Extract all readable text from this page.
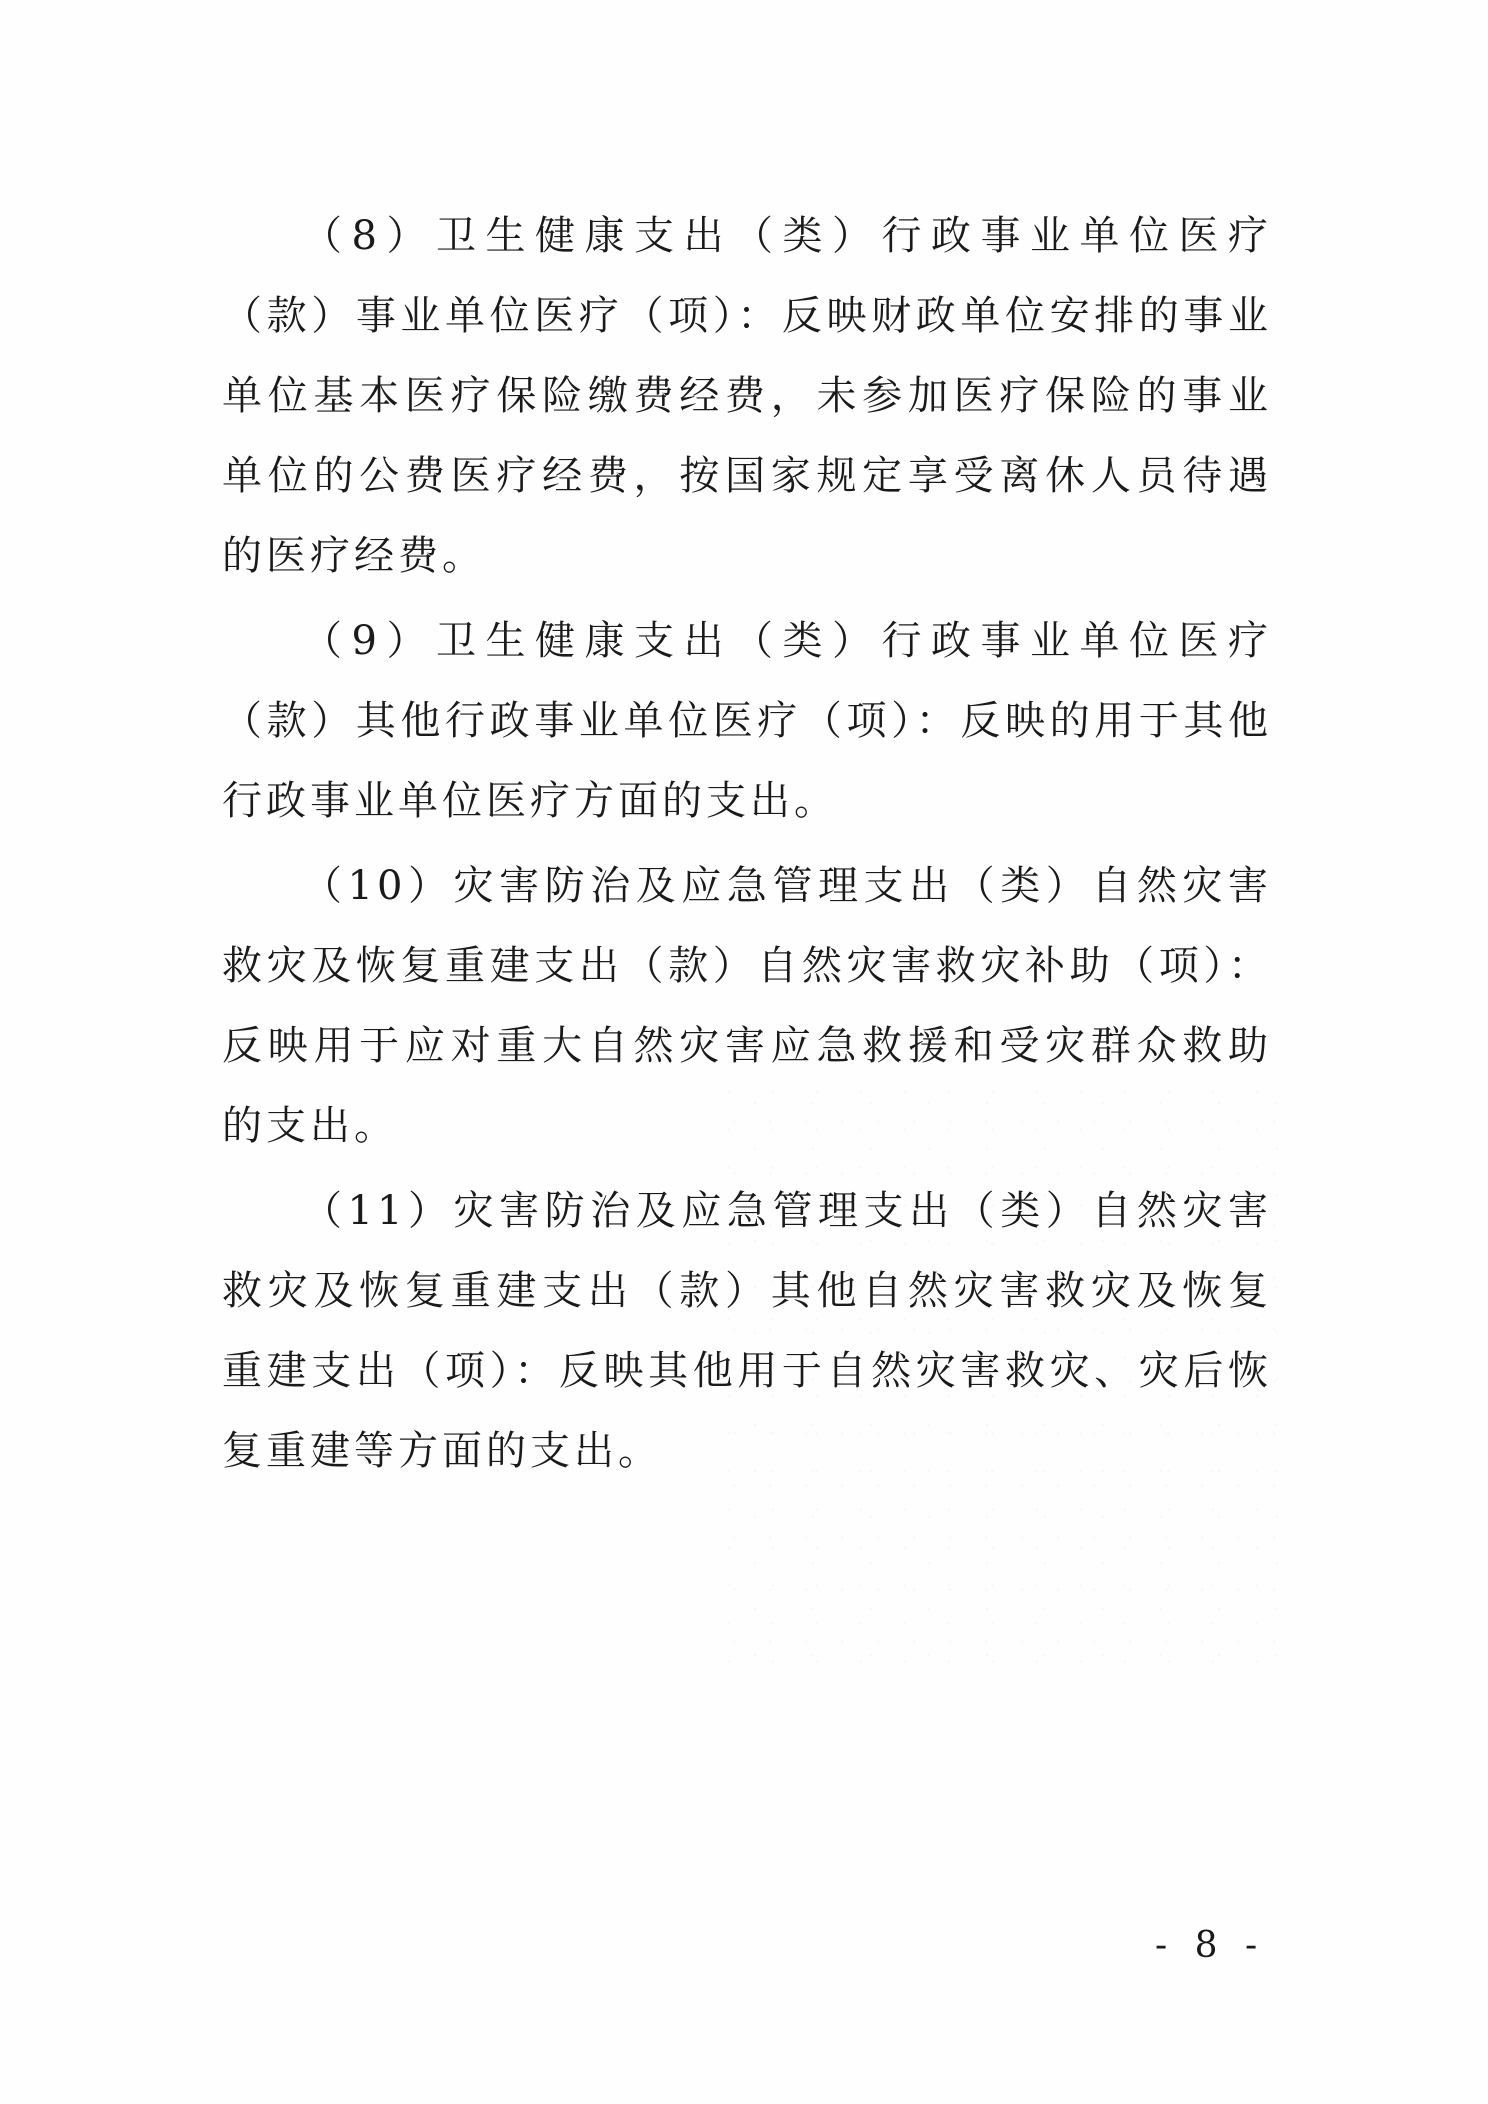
（8）卫生健康支出（类）行政事业单位医疗（款）事业单位医疗（项）：反映财政单位安排的事业单位基本医疗保险缴费经费，未参加医疗保险的事业单位的公费医疗经费，按国家规定享受离休人员待遇的医疗经费。

（9）卫生健康支出（类）行政事业单位医疗（款）其他行政事业单位医疗（项）：反映的用于其他行政事业单位医疗方面的支出。

（10）灾害防治及应急管理支出（类）自然灾害救灾及恢复重建支出（款）自然灾害救灾补助（项）：反映用于应对重大自然灾害应急救援和受灾群众救助的支出。

（11）灾害防治及应急管理支出（类）自然灾害救灾及恢复重建支出（款）其他自然灾害救灾及恢复重建支出（项）：反映其他用于自然灾害救灾、灾后恢复重建等方面的支出。

- 8 -
